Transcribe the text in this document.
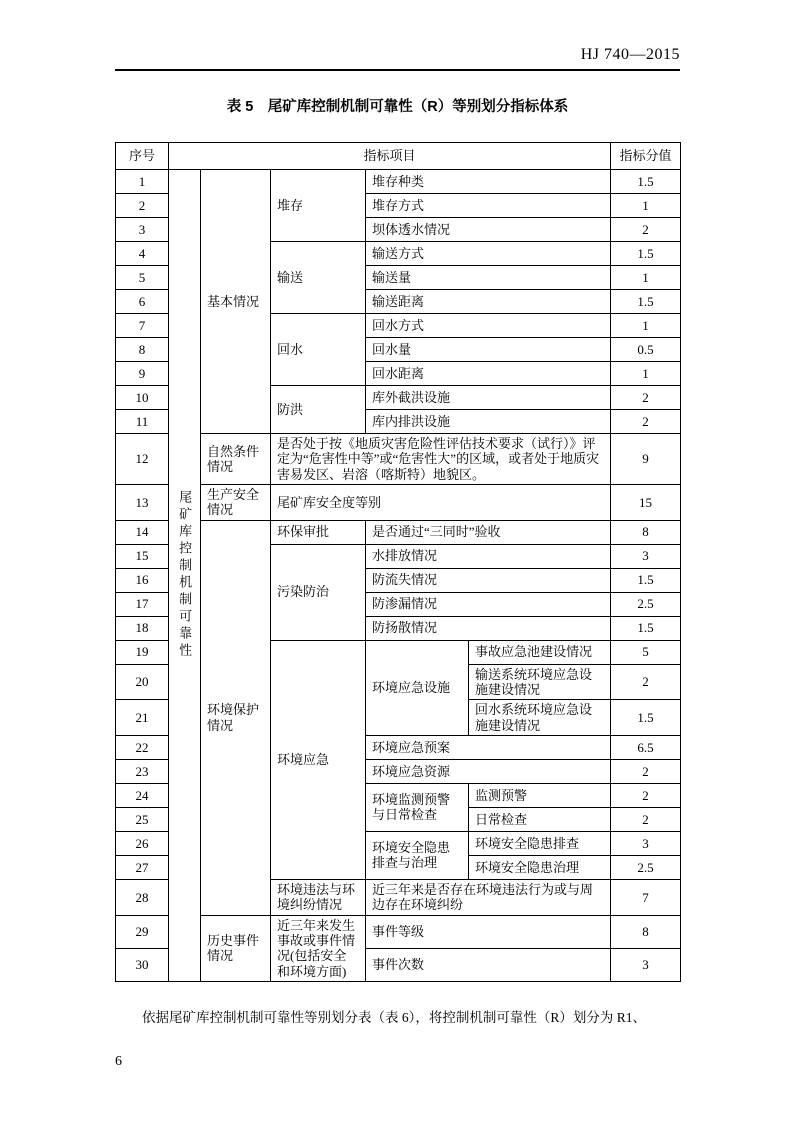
HJ 740—2015
表 5　尾矿库控制机制可靠性（R）等别划分指标体系
序号	指标项目					指标分值
1	尾矿库控制机制可靠性	基本情况	堆存	堆存种类		1.5
2				堆存方式		1
3				坝体透水情况		2
4			输送	输送方式		1.5
5				输送量		1
6				输送距离		1.5
7			回水	回水方式		1
8				回水量		0.5
9				回水距离		1
10			防洪	库外截洪设施		2
11				库内排洪设施		2
12		自然条件情况	是否处于按《地质灾害危险性评估技术要求（试行）》评定为“危害性中等”或“危害性大”的区域，或者处于地质灾害易发区、岩溶（喀斯特）地貌区。			9
13		生产安全情况	尾矿库安全度等别			15
14		环境保护情况	环保审批	是否通过“三同时”验收		8
15			污染防治	水排放情况		3
16				防流失情况		1.5
17				防渗漏情况		2.5
18				防扬散情况		1.5
19			环境应急	环境应急设施	事故应急池建设情况	5
20					输送系统环境应急设施建设情况	2
21					回水系统环境应急设施建设情况	1.5
22				环境应急预案		6.5
23				环境应急资源		2
24				环境监测预警与日常检查	监测预警	2
25					日常检查	2
26				环境安全隐患排查与治理	环境安全隐患排查	3
27					环境安全隐患治理	2.5
28			环境违法与环境纠纷情况	近三年来是否存在环境违法行为或与周边存在环境纠纷		7
29		历史事件情况	近三年来发生事故或事件情况(包括安全和环境方面)	事件等级		8
30				事件次数		3

依据尾矿库控制机制可靠性等别划分表（表 6），将控制机制可靠性（R）划分为 R1、

6
